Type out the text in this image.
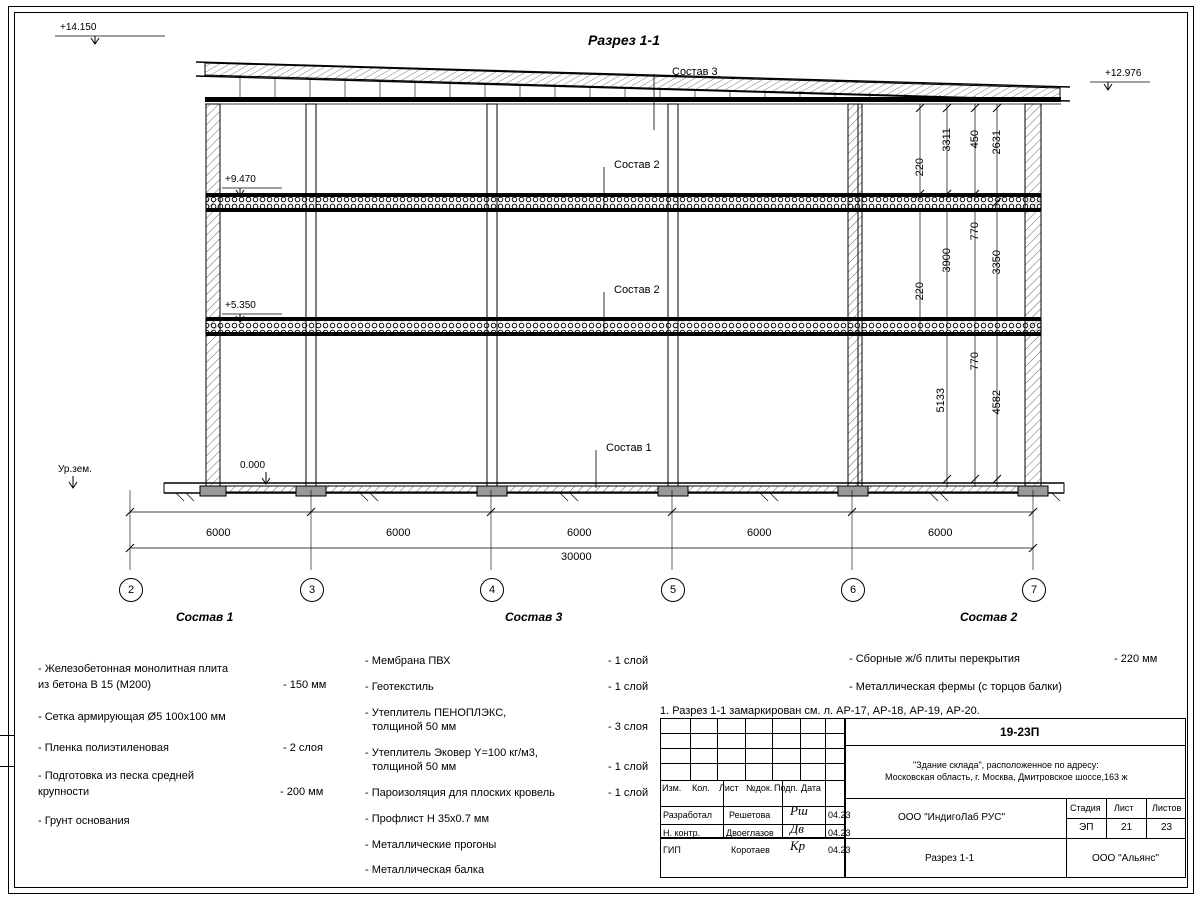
Разрез 1-1
+14.150
+12.976
+9.470
+5.350
0.000
Ур.зем.
Состав 3
Состав 2
Состав 2
Состав 1
220
3311 450 2631
220
770
3900	3350
770
5133	4582
6000	6000	6000	6000	6000
30000
2	3	4	5	6	7
Состав 1	Состав 3	Состав 2
- Железобетонная монолитная плита
из бетона В 15 (М200)	- 150 мм
- Сетка армирующая Ø5 100х100 мм
- Пленка полиэтиленовая	- 2 слоя
- Подготовка из песка средней
крупности	- 200 мм
- Грунт основания
- Мембрана ПВХ	- 1 слой
- Геотекстиль	- 1 слой
- Утеплитель ПЕНОПЛЭКС,
толщиной 50 мм	- 3 слоя
- Утеплитель Эковер Y=100 кг/м3,
толщиной 50 мм	- 1 слой
- Пароизоляция для плоских кровель	- 1 слой
- Профлист Н 35х0.7 мм
- Металлические прогоны
- Металлическая балка
- Сборные ж/б плиты перекрытия	- 220 мм
- Металлическая фермы (с торцов балки)
1. Разрез 1-1 замаркирован см. л. АР-17, АР-18, АР-19, АР-20.
Изм. Кол. Лист №док. Подп. Дата
Разработал Решетова Рш 04.23
Н. контр.	Двоеглазов Дв	04.23
ГИП	Коротаев Кр	04.23
19-23П
"Здание склада", расположенное по адресу:
Московская область, г. Москва, Дмитровское шоссе,163 ж
ООО "ИндигоЛаб РУС"
Разрез 1-1	ООО "Альянс"
Стадия Лист Листов
ЭП	21	23
